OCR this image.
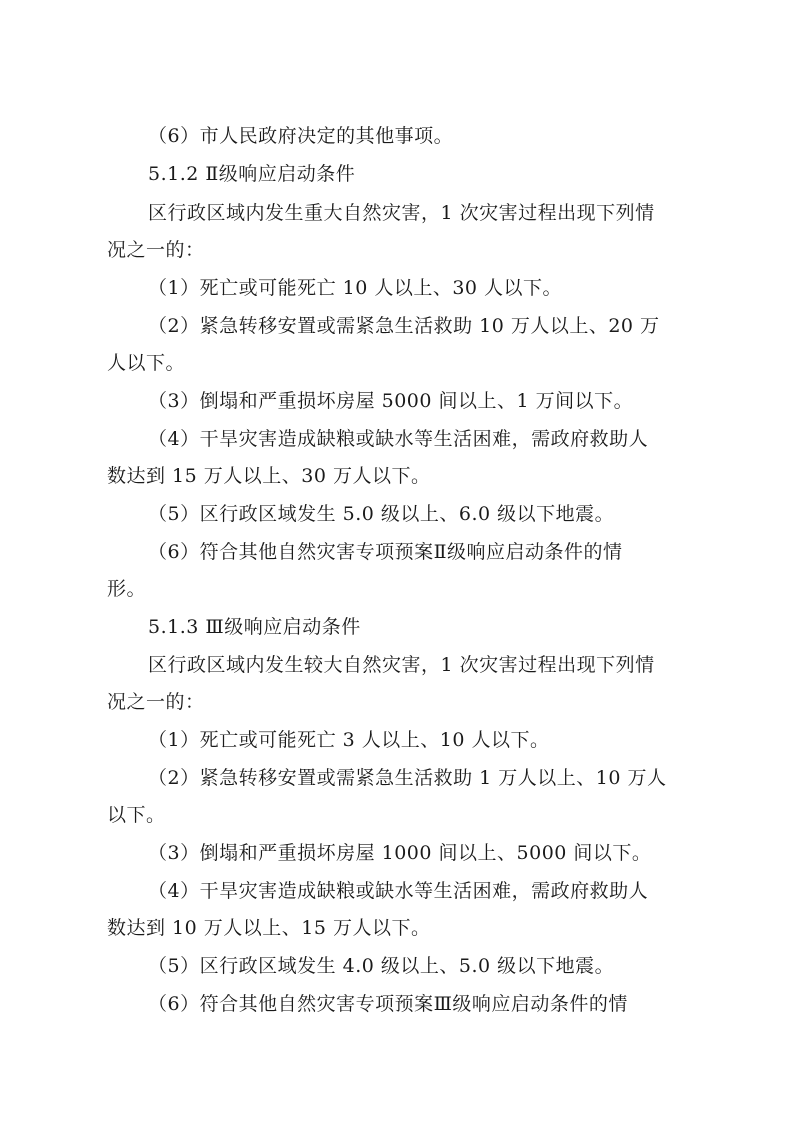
（6）市人民政府决定的其他事项。
5.1.2 Ⅱ级响应启动条件
区行政区域内发生重大自然灾害，1 次灾害过程出现下列情
况之一的：
（1）死亡或可能死亡 10 人以上、30 人以下。
（2）紧急转移安置或需紧急生活救助 10 万人以上、20 万
人以下。
（3）倒塌和严重损坏房屋 5000 间以上、1 万间以下。
（4）干旱灾害造成缺粮或缺水等生活困难，需政府救助人
数达到 15 万人以上、30 万人以下。
（5）区行政区域发生 5.0 级以上、6.0 级以下地震。
（6）符合其他自然灾害专项预案Ⅱ级响应启动条件的情
形。
5.1.3 Ⅲ级响应启动条件
区行政区域内发生较大自然灾害，1 次灾害过程出现下列情
况之一的：
（1）死亡或可能死亡 3 人以上、10 人以下。
（2）紧急转移安置或需紧急生活救助 1 万人以上、10 万人
以下。
（3）倒塌和严重损坏房屋 1000 间以上、5000 间以下。
（4）干旱灾害造成缺粮或缺水等生活困难，需政府救助人
数达到 10 万人以上、15 万人以下。
（5）区行政区域发生 4.0 级以上、5.0 级以下地震。
（6）符合其他自然灾害专项预案Ⅲ级响应启动条件的情
